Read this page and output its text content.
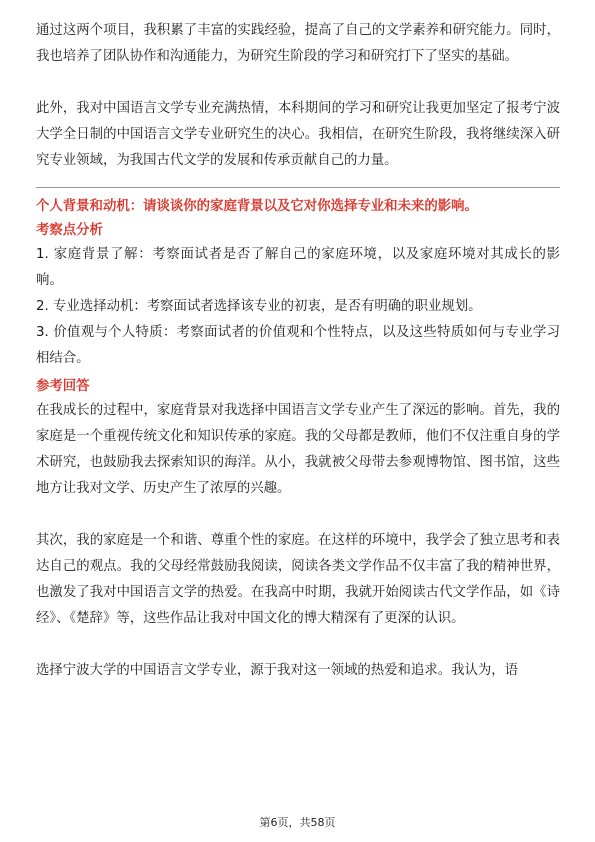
通过这两个项目，我积累了丰富的实践经验，提高了自己的文学素养和研究能力。同时，我也培养了团队协作和沟通能力，为研究生阶段的学习和研究打下了坚实的基础。

此外，我对中国语言文学专业充满热情，本科期间的学习和研究让我更加坚定了报考宁波大学全日制的中国语言文学专业研究生的决心。我相信，在研究生阶段，我将继续深入研究专业领域，为我国古代文学的发展和传承贡献自己的力量。

个人背景和动机：请谈谈你的家庭背景以及它对你选择专业和未来的影响。

考察点分析

1. 家庭背景了解：考察面试者是否了解自己的家庭环境，以及家庭环境对其成长的影响。

2. 专业选择动机：考察面试者选择该专业的初衷，是否有明确的职业规划。

3. 价值观与个人特质：考察面试者的价值观和个性特点，以及这些特质如何与专业学习相结合。

参考回答

在我成长的过程中，家庭背景对我选择中国语言文学专业产生了深远的影响。首先，我的家庭是一个重视传统文化和知识传承的家庭。我的父母都是教师，他们不仅注重自身的学术研究，也鼓励我去探索知识的海洋。从小，我就被父母带去参观博物馆、图书馆，这些地方让我对文学、历史产生了浓厚的兴趣。

其次，我的家庭是一个和谐、尊重个性的家庭。在这样的环境中，我学会了独立思考和表达自己的观点。我的父母经常鼓励我阅读，阅读各类文学作品不仅丰富了我的精神世界，也激发了我对中国语言文学的热爱。在我高中时期，我就开始阅读古代文学作品，如《诗经》、《楚辞》等，这些作品让我对中国文化的博大精深有了更深的认识。

选择宁波大学的中国语言文学专业，源于我对这一领域的热爱和追求。我认为，语

第6页，共58页
